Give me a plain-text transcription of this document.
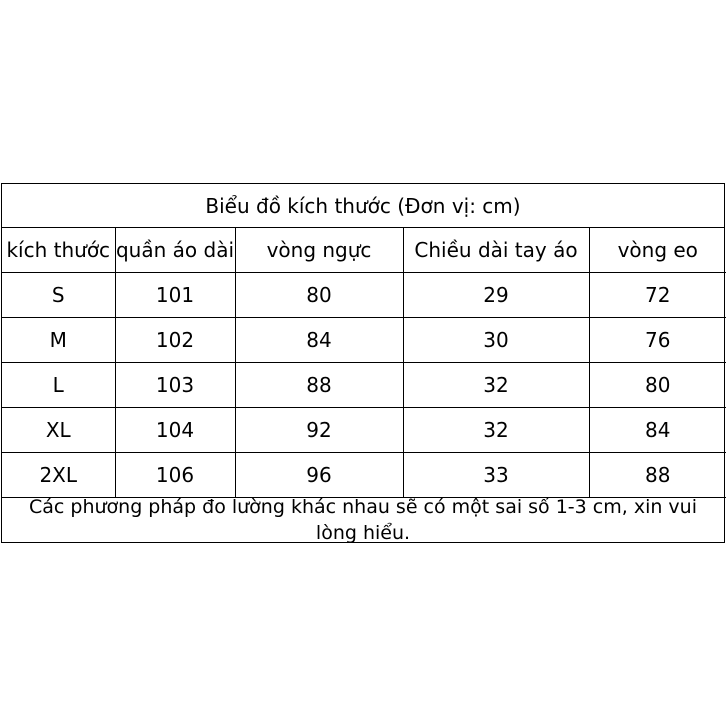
Biểu đồ kích thước (Đơn vị: cm)
kích thước	quần áo dài	vòng ngực	Chiều dài tay áo	vòng eo
S	101	80	29	72
M	102	84	30	76
L	103	88	32	80
XL	104	92	32	84
2XL	106	96	33	88
Các phương pháp đo lường khác nhau sẽ có một sai số 1-3 cm, xin vui lòng hiểu.
